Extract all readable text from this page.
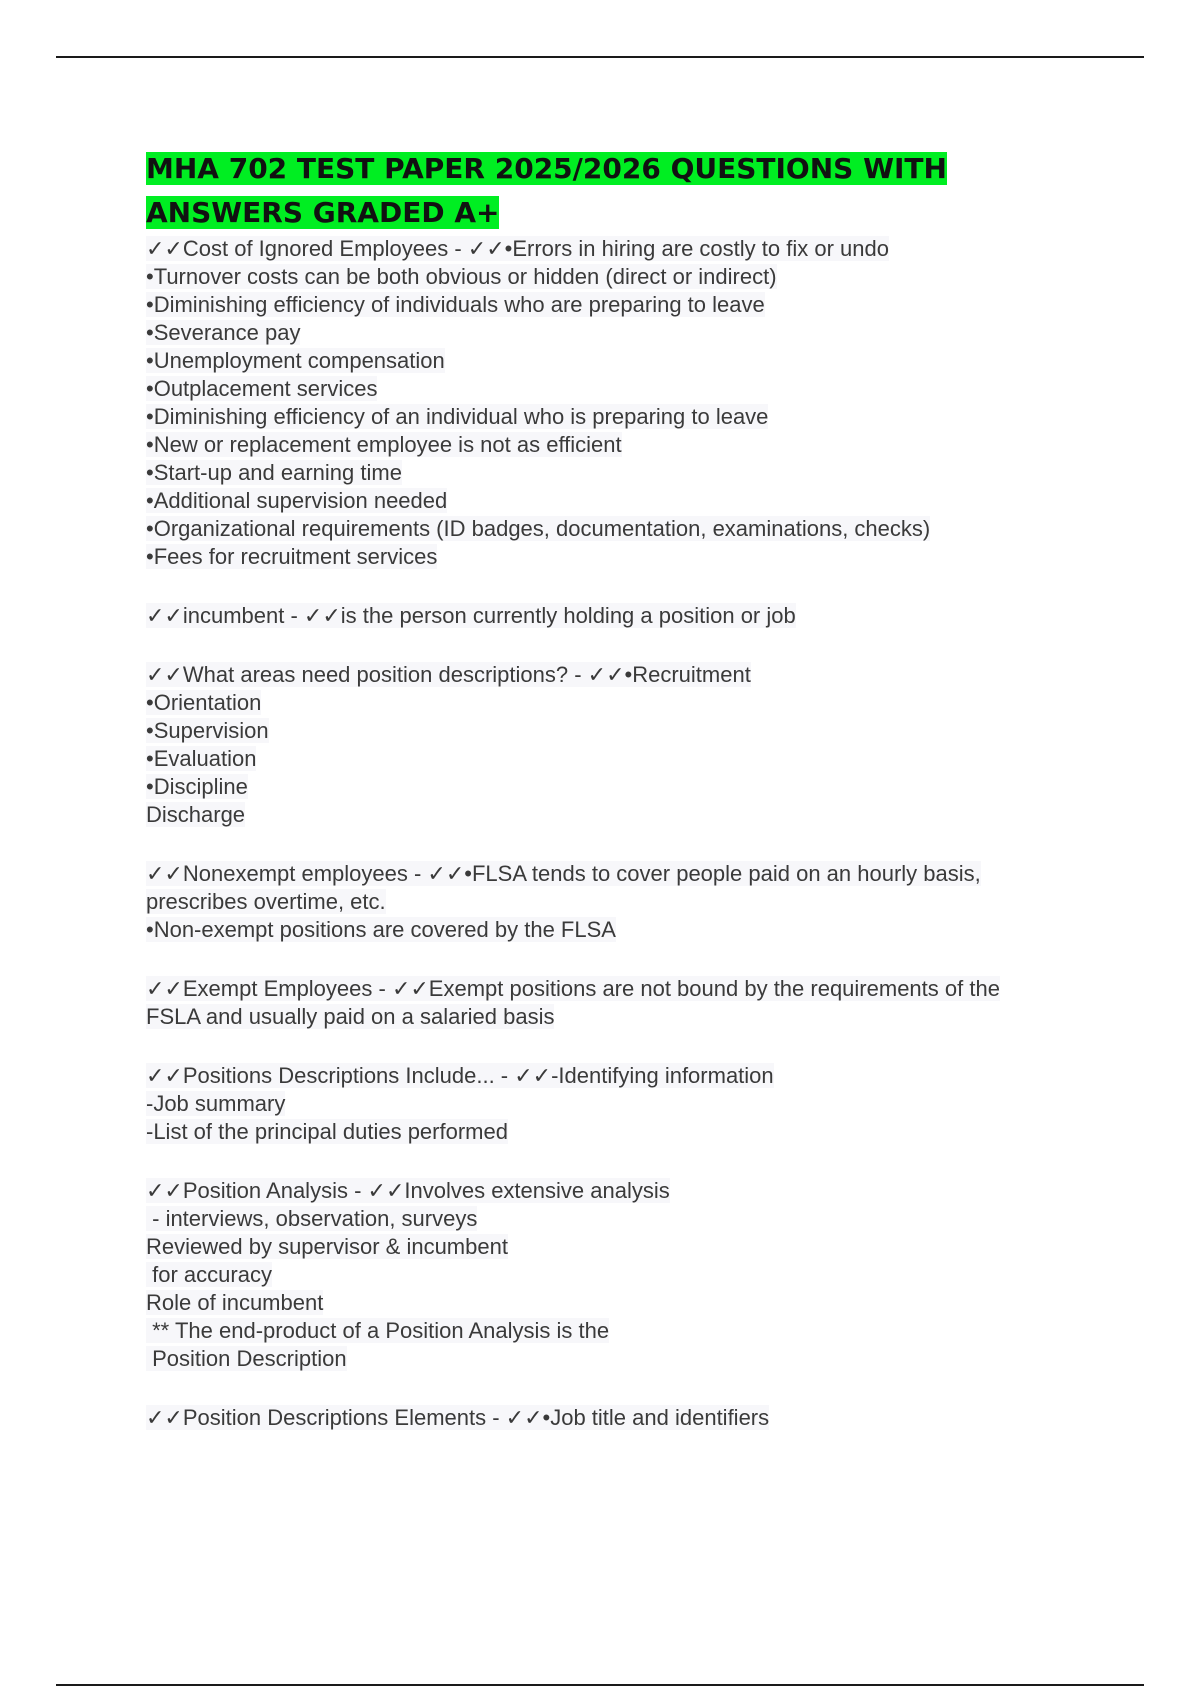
MHA 702 TEST PAPER 2025/2026 QUESTIONS WITH
ANSWERS GRADED A+
✓✓Cost of Ignored Employees - ✓✓•Errors in hiring are costly to fix or undo
•Turnover costs can be both obvious or hidden (direct or indirect)
•Diminishing efficiency of individuals who are preparing to leave
•Severance pay
•Unemployment compensation
•Outplacement services
•Diminishing efficiency of an individual who is preparing to leave
•New or replacement employee is not as efficient
•Start-up and earning time
•Additional supervision needed
•Organizational requirements (ID badges, documentation, examinations, checks)
•Fees for recruitment services
✓✓incumbent - ✓✓is the person currently holding a position or job
✓✓What areas need position descriptions? - ✓✓•Recruitment
•Orientation
•Supervision
•Evaluation
•Discipline
Discharge
✓✓Nonexempt employees - ✓✓•FLSA tends to cover people paid on an hourly basis,
prescribes overtime, etc.
•Non-exempt positions are covered by the FLSA
✓✓Exempt Employees - ✓✓Exempt positions are not bound by the requirements of the
FSLA and usually paid on a salaried basis
✓✓Positions Descriptions Include... - ✓✓-Identifying information
-Job summary
-List of the principal duties performed
✓✓Position Analysis - ✓✓Involves extensive analysis
- interviews, observation, surveys
Reviewed by supervisor & incumbent
for accuracy
Role of incumbent
** The end-product of a Position Analysis is the
Position Description
✓✓Position Descriptions Elements - ✓✓•Job title and identifiers
